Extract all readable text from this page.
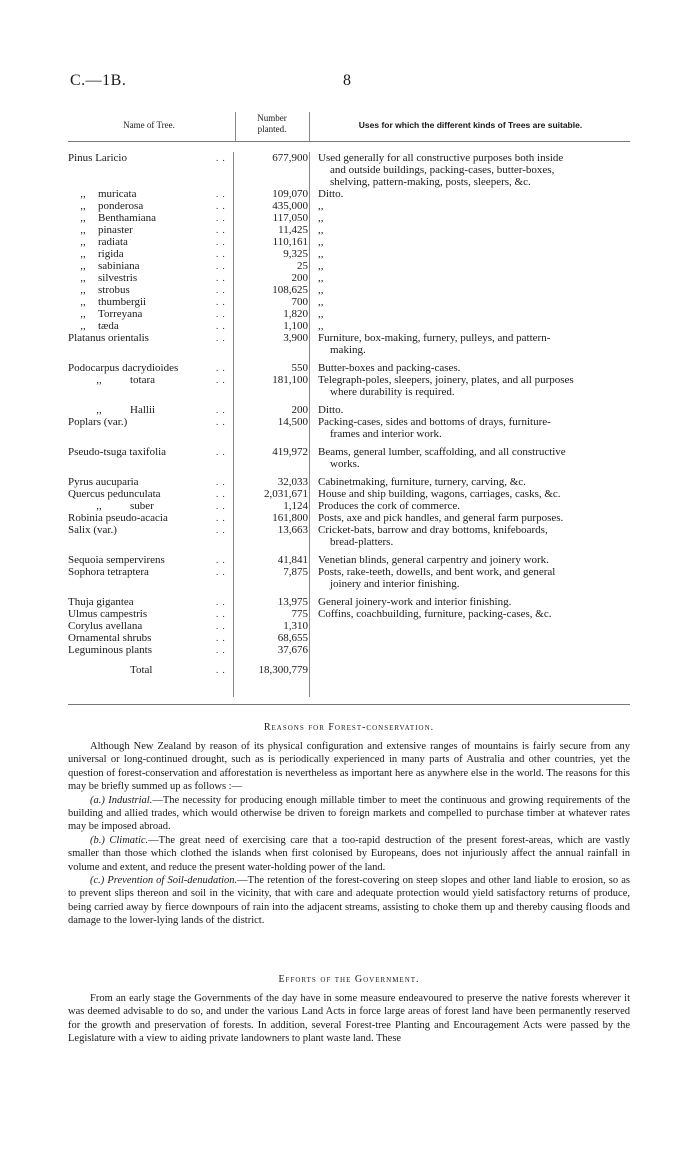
C.—1B.	8
Name of Tree.
Number
planted.	Uses for which the different kinds of Trees are suitable.
Pinus Laricio	. .	677,900 Used generally for all constructive purposes both inside
and outside buildings, packing-cases, butter-boxes,
shelving, pattern-making, posts, sleepers, &c.
,, muricata	. .	109,070 Ditto.
,, ponderosa	. .	435,000 ,,
,, Benthamiana	. .	117,050 ,,
,, pinaster	. .	11,425 ,,
,, radiata	. .	110,161 ,,
,, rigida	. .	9,325 ,,
,, sabiniana	. .	25 ,,
,, silvestris	. .	200 ,,
,, strobus	. .	108,625 ,,
,, thumbergii	. .	700 ,,
,, Torreyana	. .	1,820 ,,
,, tæda	. .	1,100 ,,
Platanus orientalis	. .	3,900 Furniture, box-making, furnery, pulleys, and pattern-
making.
Podocarpus dacrydioides	. .	550 Butter-boxes and packing-cases.
,,	totara	. .	181,100 Telegraph-poles, sleepers, joinery, plates, and all purposes
where durability is required.
,,	Hallii	. .	200 Ditto.
Poplars (var.)	. .	14,500 Packing-cases, sides and bottoms of drays, furniture-
frames and interior work.
Pseudo-tsuga taxifolia	. .	419,972 Beams, general lumber, scaffolding, and all constructive
works.
Pyrus aucuparia	. .	32,033 Cabinetmaking, furniture, turnery, carving, &c.
Quercus pedunculata	. .	2,031,671 House and ship building, wagons, carriages, casks, &c.
,,	suber	. .	1,124 Produces the cork of commerce.
Robinia pseudo-acacia	. .	161,800 Posts, axe and pick handles, and general farm purposes.
Salix (var.)	. .	13,663 Cricket-bats, barrow and dray bottoms, knifeboards,
bread-platters.
Sequoia sempervirens	. .	41,841 Venetian blinds, general carpentry and joinery work.
Sophora tetraptera	. .	7,875 Posts, rake-teeth, dowells, and bent work, and general
joinery and interior finishing.
Thuja gigantea	. .	13,975 General joinery-work and interior finishing.
Ulmus campestris	. .	775 Coffins, coachbuilding, furniture, packing-cases, &c.
Corylus avellana	. .	1,310

Ornamental shrubs	. .	68,655

Leguminous plants	. .	37,676

Total	. .	18,300,779
Reasons for Forest-conservation.

Although New Zealand by reason of its physical configuration and extensive ranges of mountains is fairly secure from any universal or long-continued drought, such as is periodically experienced in many parts of Australia and other countries, yet the question of forest-conservation and afforestation is nevertheless as important here as anywhere else in the world. The reasons for this may be briefly summed up as follows :—

(a.) Industrial.—The necessity for producing enough millable timber to meet the continuous and growing requirements of the building and allied trades, which would otherwise be driven to foreign markets and compelled to purchase timber at whatever rates may be imposed abroad.

(b.) Climatic.—The great need of exercising care that a too-rapid destruction of the present forest-areas, which are vastly smaller than those which clothed the islands when first colonised by Europeans, does not injuriously affect the annual rainfall in volume and extent, and reduce the present water-holding power of the land.

(c.) Prevention of Soil-denudation.—The retention of the forest-covering on steep slopes and other land liable to erosion, so as to prevent slips thereon and soil in the vicinity, that with care and adequate protection would yield satisfactory returns of produce, being carried away by fierce downpours of rain into the adjacent streams, assisting to choke them up and thereby causing floods and damage to the lower-lying lands of the district.

Efforts of the Government.

From an early stage the Governments of the day have in some measure endeavoured to preserve the native forests wherever it was deemed advisable to do so, and under the various Land Acts in force large areas of forest land have been permanently reserved for the growth and preservation of forests. In addition, several Forest-tree Planting and Encouragement Acts were passed by the Legislature with a view to aiding private landowners to plant waste land. These
